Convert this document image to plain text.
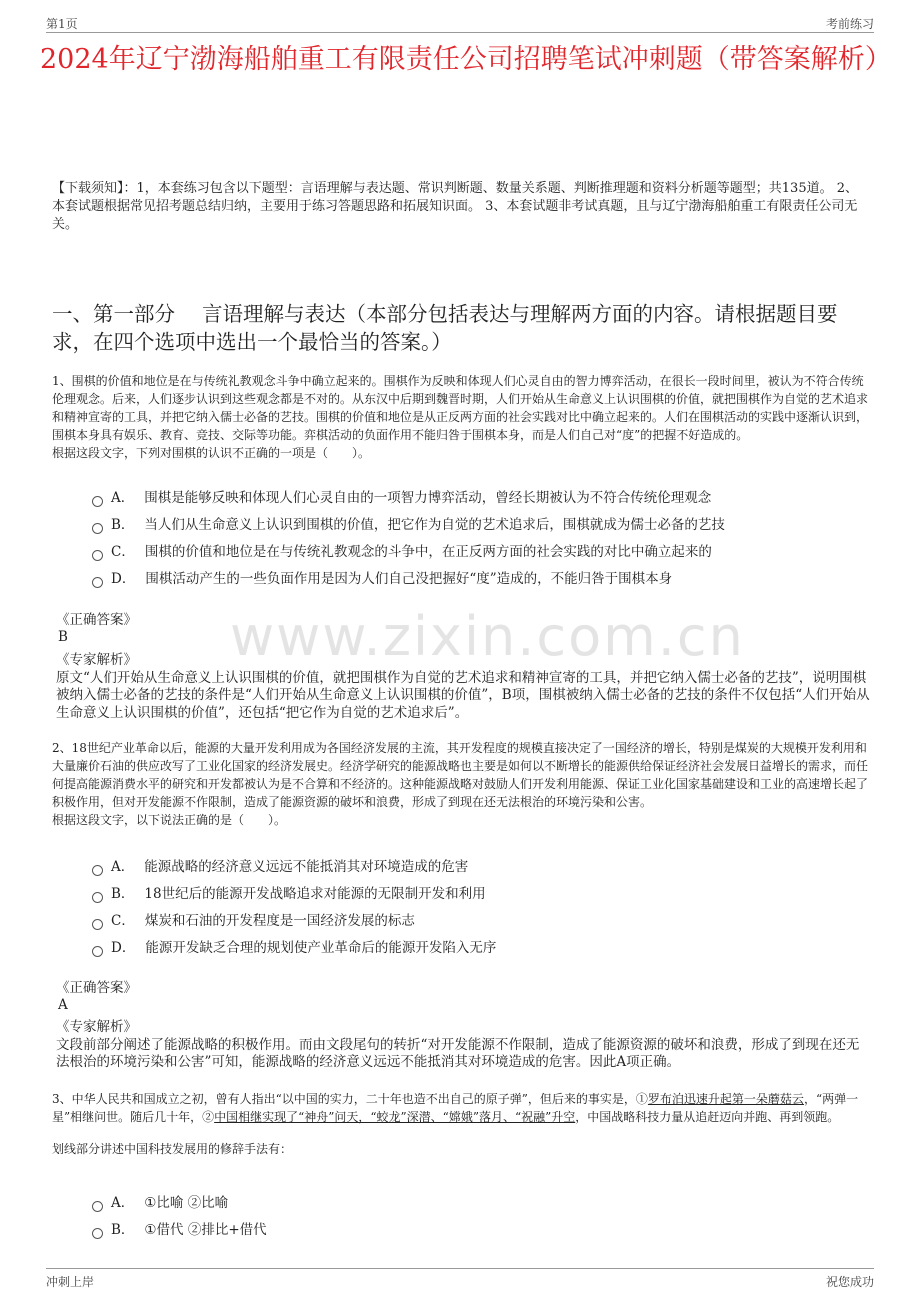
第1页	考前练习
2024年辽宁渤海船舶重工有限责任公司招聘笔试冲刺题（带答案解析）
【下载须知】：1，本套练习包含以下题型：言语理解与表达题、常识判断题、数量关系题、判断推理题和资料分析题等题型；共135道。 2、本套试题根据常见招考题总结归纳，主要用于练习答题思路和拓展知识面。 3、本套试题非考试真题，且与辽宁渤海船舶重工有限责任公司无关。
一、第一部分　 言语理解与表达（本部分包括表达与理解两方面的内容。请根据题目要求，在四个选项中选出一个最恰当的答案。）
1、围棋的价值和地位是在与传统礼教观念斗争中确立起来的。围棋作为反映和体现人们心灵自由的智力博弈活动，在很长一段时间里，被认为不符合传统伦理观念。后来，人们逐步认识到这些观念都是不对的。从东汉中后期到魏晋时期，人们开始从生命意义上认识围棋的价值，就把围棋作为自觉的艺术追求和精神宣寄的工具，并把它纳入儒士必备的艺技。围棋的价值和地位是从正反两方面的社会实践对比中确立起来的。人们在围棋活动的实践中逐渐认识到，围棋本身具有娱乐、教育、竞技、交际等功能。弈棋活动的负面作用不能归咎于围棋本身，而是人们自己对“度”的把握不好造成的。
根据这段文字，下列对围棋的认识不正确的一项是（　　）。
A． 围棋是能够反映和体现人们心灵自由的一项智力博弈活动，曾经长期被认为不符合传统伦理观念
B． 当人们从生命意义上认识到围棋的价值，把它作为自觉的艺术追求后，围棋就成为儒士必备的艺技
C． 围棋的价值和地位是在与传统礼教观念的斗争中，在正反两方面的社会实践的对比中确立起来的
D． 围棋活动产生的一些负面作用是因为人们自己没把握好“度”造成的，不能归咎于围棋本身
《正确答案》
B	www.zixin.com.cn
《专家解析》
原文“人们开始从生命意义上认识围棋的价值，就把围棋作为自觉的艺术追求和精神宣寄的工具，并把它纳入儒士必备的艺技”，说明围棋被纳入儒士必备的艺技的条件是“人们开始从生命意义上认识围棋的价值”，B项，围棋被纳入儒士必备的艺技的条件不仅包括“人们开始从生命意义上认识围棋的价值”，还包括“把它作为自觉的艺术追求后”。
2、18世纪产业革命以后，能源的大量开发利用成为各国经济发展的主流，其开发程度的规模直接决定了一国经济的增长，特别是煤炭的大规模开发利用和大量廉价石油的供应改写了工业化国家的经济发展史。经济学研究的能源战略也主要是如何以不断增长的能源供给保证经济社会发展日益增长的需求，而任何提高能源消费水平的研究和开发都被认为是不合算和不经济的。这种能源战略对鼓励人们开发利用能源、保证工业化国家基础建设和工业的高速增长起了积极作用，但对开发能源不作限制，造成了能源资源的破坏和浪费，形成了到现在还无法根治的环境污染和公害。
根据这段文字，以下说法正确的是（　　）。
A． 能源战略的经济意义远远不能抵消其对环境造成的危害
B． 18世纪后的能源开发战略追求对能源的无限制开发和利用
C． 煤炭和石油的开发程度是一国经济发展的标志
D． 能源开发缺乏合理的规划使产业革命后的能源开发陷入无序
《正确答案》
A
《专家解析》
文段前部分阐述了能源战略的积极作用。而由文段尾句的转折“对开发能源不作限制，造成了能源资源的破坏和浪费，形成了到现在还无法根治的环境污染和公害”可知，能源战略的经济意义远远不能抵消其对环境造成的危害。因此A项正确。
3、中华人民共和国成立之初，曾有人指出“以中国的实力，二十年也造不出自己的原子弹”，但后来的事实是，①罗布泊迅速升起第一朵蘑菇云，“两弹一星”相继问世。随后几十年，②中国相继实现了“神舟”问天，“蛟龙”深潜、“嫦娥”落月、“祝融”升空，中国战略科技力量从追赶迈向并跑、再到领跑。
划线部分讲述中国科技发展用的修辞手法有：
A． ①比喻 ②比喻
B． ①借代 ②排比+借代
冲刺上岸	祝您成功
